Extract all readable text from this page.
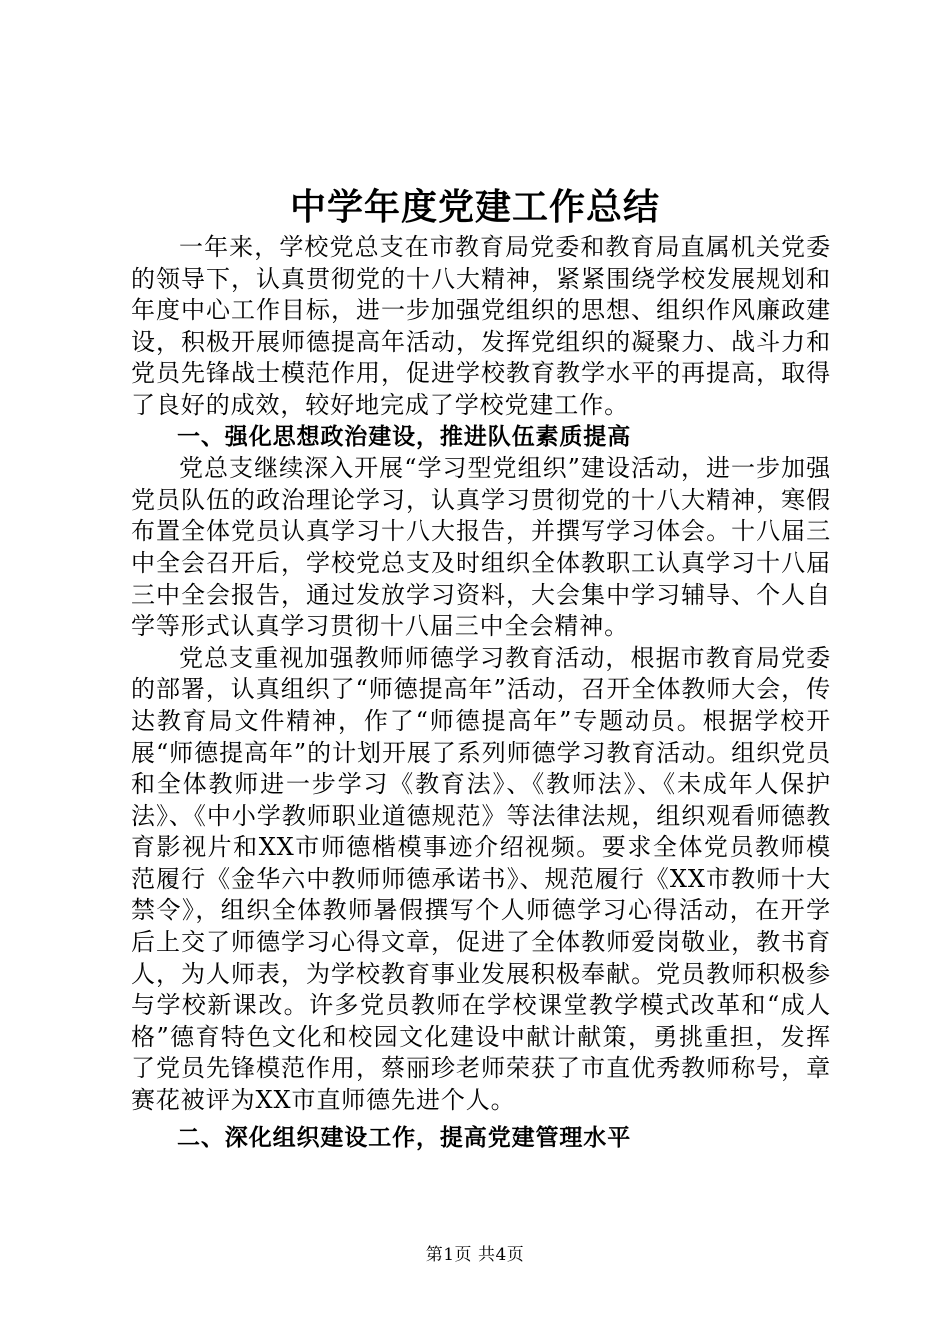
中学年度党建工作总结

一年来，学校党总支在市教育局党委和教育局直属机关党委的领导下，认真贯彻党的十八大精神，紧紧围绕学校发展规划和年度中心工作目标，进一步加强党组织的思想、组织作风廉政建设，积极开展师德提高年活动，发挥党组织的凝聚力、战斗力和党员先锋战士模范作用，促进学校教育教学水平的再提高，取得了良好的成效，较好地完成了学校党建工作。

一、强化思想政治建设，推进队伍素质提高

党总支继续深入开展“学习型党组织”建设活动，进一步加强党员队伍的政治理论学习，认真学习贯彻党的十八大精神，寒假布置全体党员认真学习十八大报告，并撰写学习体会。十八届三中全会召开后，学校党总支及时组织全体教职工认真学习十八届三中全会报告，通过发放学习资料，大会集中学习辅导、个人自学等形式认真学习贯彻十八届三中全会精神。

党总支重视加强教师师德学习教育活动，根据市教育局党委的部署，认真组织了“师德提高年”活动，召开全体教师大会，传达教育局文件精神，作了“师德提高年”专题动员。根据学校开展“师德提高年”的计划开展了系列师德学习教育活动。组织党员和全体教师进一步学习《教育法》、《教师法》、《未成年人保护法》、《中小学教师职业道德规范》等法律法规，组织观看师德教育影视片和XX市师德楷模事迹介绍视频。要求全体党员教师模范履行《金华六中教师师德承诺书》、规范履行《XX市教师十大禁令》，组织全体教师暑假撰写个人师德学习心得活动，在开学后上交了师德学习心得文章，促进了全体教师爱岗敬业，教书育人，为人师表，为学校教育事业发展积极奉献。党员教师积极参与学校新课改。许多党员教师在学校课堂教学模式改革和“成人格”德育特色文化和校园文化建设中献计献策，勇挑重担，发挥了党员先锋模范作用，蔡丽珍老师荣获了市直优秀教师称号，章赛花被评为XX市直师德先进个人。

二、深化组织建设工作，提高党建管理水平
第1页 共4页
